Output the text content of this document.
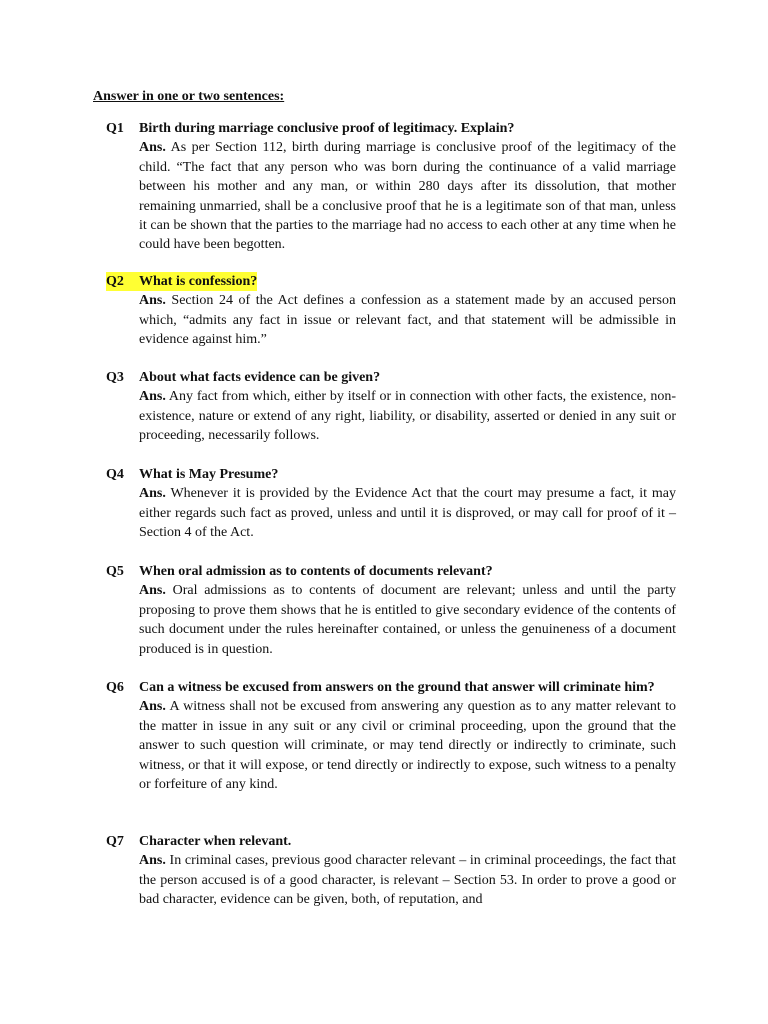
Answer in one or two sentences:
Q1	Birth during marriage conclusive proof of legitimacy. Explain?
Ans. As per Section 112, birth during marriage is conclusive proof of the legitimacy of the child. “The fact that any person who was born during the continuance of a valid marriage between his mother and any man, or within 280 days after its dissolution, that mother remaining unmarried, shall be a conclusive proof that he is a legitimate son of that man, unless it can be shown that the parties to the marriage had no access to each other at any time when he could have been begotten.
Q2	What is confession?
Ans. Section 24 of the Act defines a confession as a statement made by an accused person which, “admits any fact in issue or relevant fact, and that statement will be admissible in evidence against him.”
Q3	About what facts evidence can be given?
Ans. Any fact from which, either by itself or in connection with other facts, the existence, non-existence, nature or extend of any right, liability, or disability, asserted or denied in any suit or proceeding, necessarily follows.
Q4	What is May Presume?
Ans. Whenever it is provided by the Evidence Act that the court may presume a fact, it may either regards such fact as proved, unless and until it is disproved, or may call for proof of it – Section 4 of the Act.
Q5	When oral admission as to contents of documents relevant?
Ans. Oral admissions as to contents of document are relevant; unless and until the party proposing to prove them shows that he is entitled to give secondary evidence of the contents of such document under the rules hereinafter contained, or unless the genuineness of a document produced is in question.
Q6	Can a witness be excused from answers on the ground that answer will criminate him?
Ans. A witness shall not be excused from answering any question as to any matter relevant to the matter in issue in any suit or any civil or criminal proceeding, upon the ground that the answer to such question will criminate, or may tend directly or indirectly to criminate, such witness, or that it will expose, or tend directly or indirectly to expose, such witness to a penalty or forfeiture of any kind.
Q7	Character when relevant.
Ans. In criminal cases, previous good character relevant – in criminal proceedings, the fact that the person accused is of a good character, is relevant – Section 53. In order to prove a good or bad character, evidence can be given, both, of reputation, and
